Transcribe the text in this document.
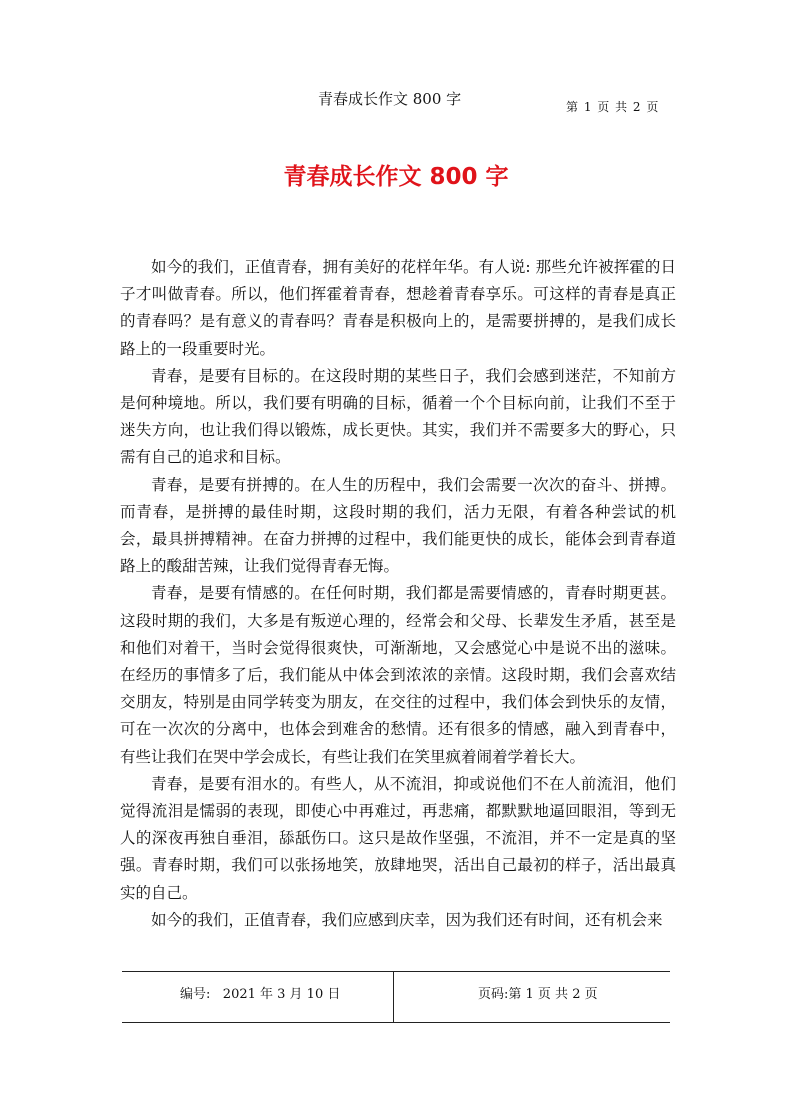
青春成长作文 800 字	第 1 页 共 2 页
青春成长作文 800 字

如今的我们，正值青春，拥有美好的花样年华。有人说: 那些允许被挥霍的日子才叫做青春。所以，他们挥霍着青春，想趁着青春享乐。可这样的青春是真正的青春吗？是有意义的青春吗？青春是积极向上的，是需要拼搏的，是我们成长路上的一段重要时光。

青春，是要有目标的。在这段时期的某些日子，我们会感到迷茫，不知前方是何种境地。所以，我们要有明确的目标，循着一个个目标向前，让我们不至于迷失方向，也让我们得以锻炼，成长更快。其实，我们并不需要多大的野心，只需有自己的追求和目标。

青春，是要有拼搏的。在人生的历程中，我们会需要一次次的奋斗、拼搏。而青春，是拼搏的最佳时期，这段时期的我们，活力无限，有着各种尝试的机会，最具拼搏精神。在奋力拼搏的过程中，我们能更快的成长，能体会到青春道路上的酸甜苦辣，让我们觉得青春无悔。

青春，是要有情感的。在任何时期，我们都是需要情感的，青春时期更甚。这段时期的我们，大多是有叛逆心理的，经常会和父母、长辈发生矛盾，甚至是和他们对着干，当时会觉得很爽快，可渐渐地，又会感觉心中是说不出的滋味。在经历的事情多了后，我们能从中体会到浓浓的亲情。这段时期，我们会喜欢结交朋友，特别是由同学转变为朋友，在交往的过程中，我们体会到快乐的友情，可在一次次的分离中，也体会到难舍的愁情。还有很多的情感，融入到青春中，有些让我们在哭中学会成长，有些让我们在笑里疯着闹着学着长大。

青春，是要有泪水的。有些人，从不流泪，抑或说他们不在人前流泪，他们觉得流泪是懦弱的表现，即使心中再难过，再悲痛，都默默地逼回眼泪，等到无人的深夜再独自垂泪，舔舐伤口。这只是故作坚强，不流泪，并不一定是真的坚强。青春时期，我们可以张扬地笑，放肆地哭，活出自己最初的样子，活出最真实的自己。

如今的我们，正值青春，我们应感到庆幸，因为我们还有时间，还有机会来

编号: 2021 年 3 月 10 日	页码:第 1 页 共 2 页
